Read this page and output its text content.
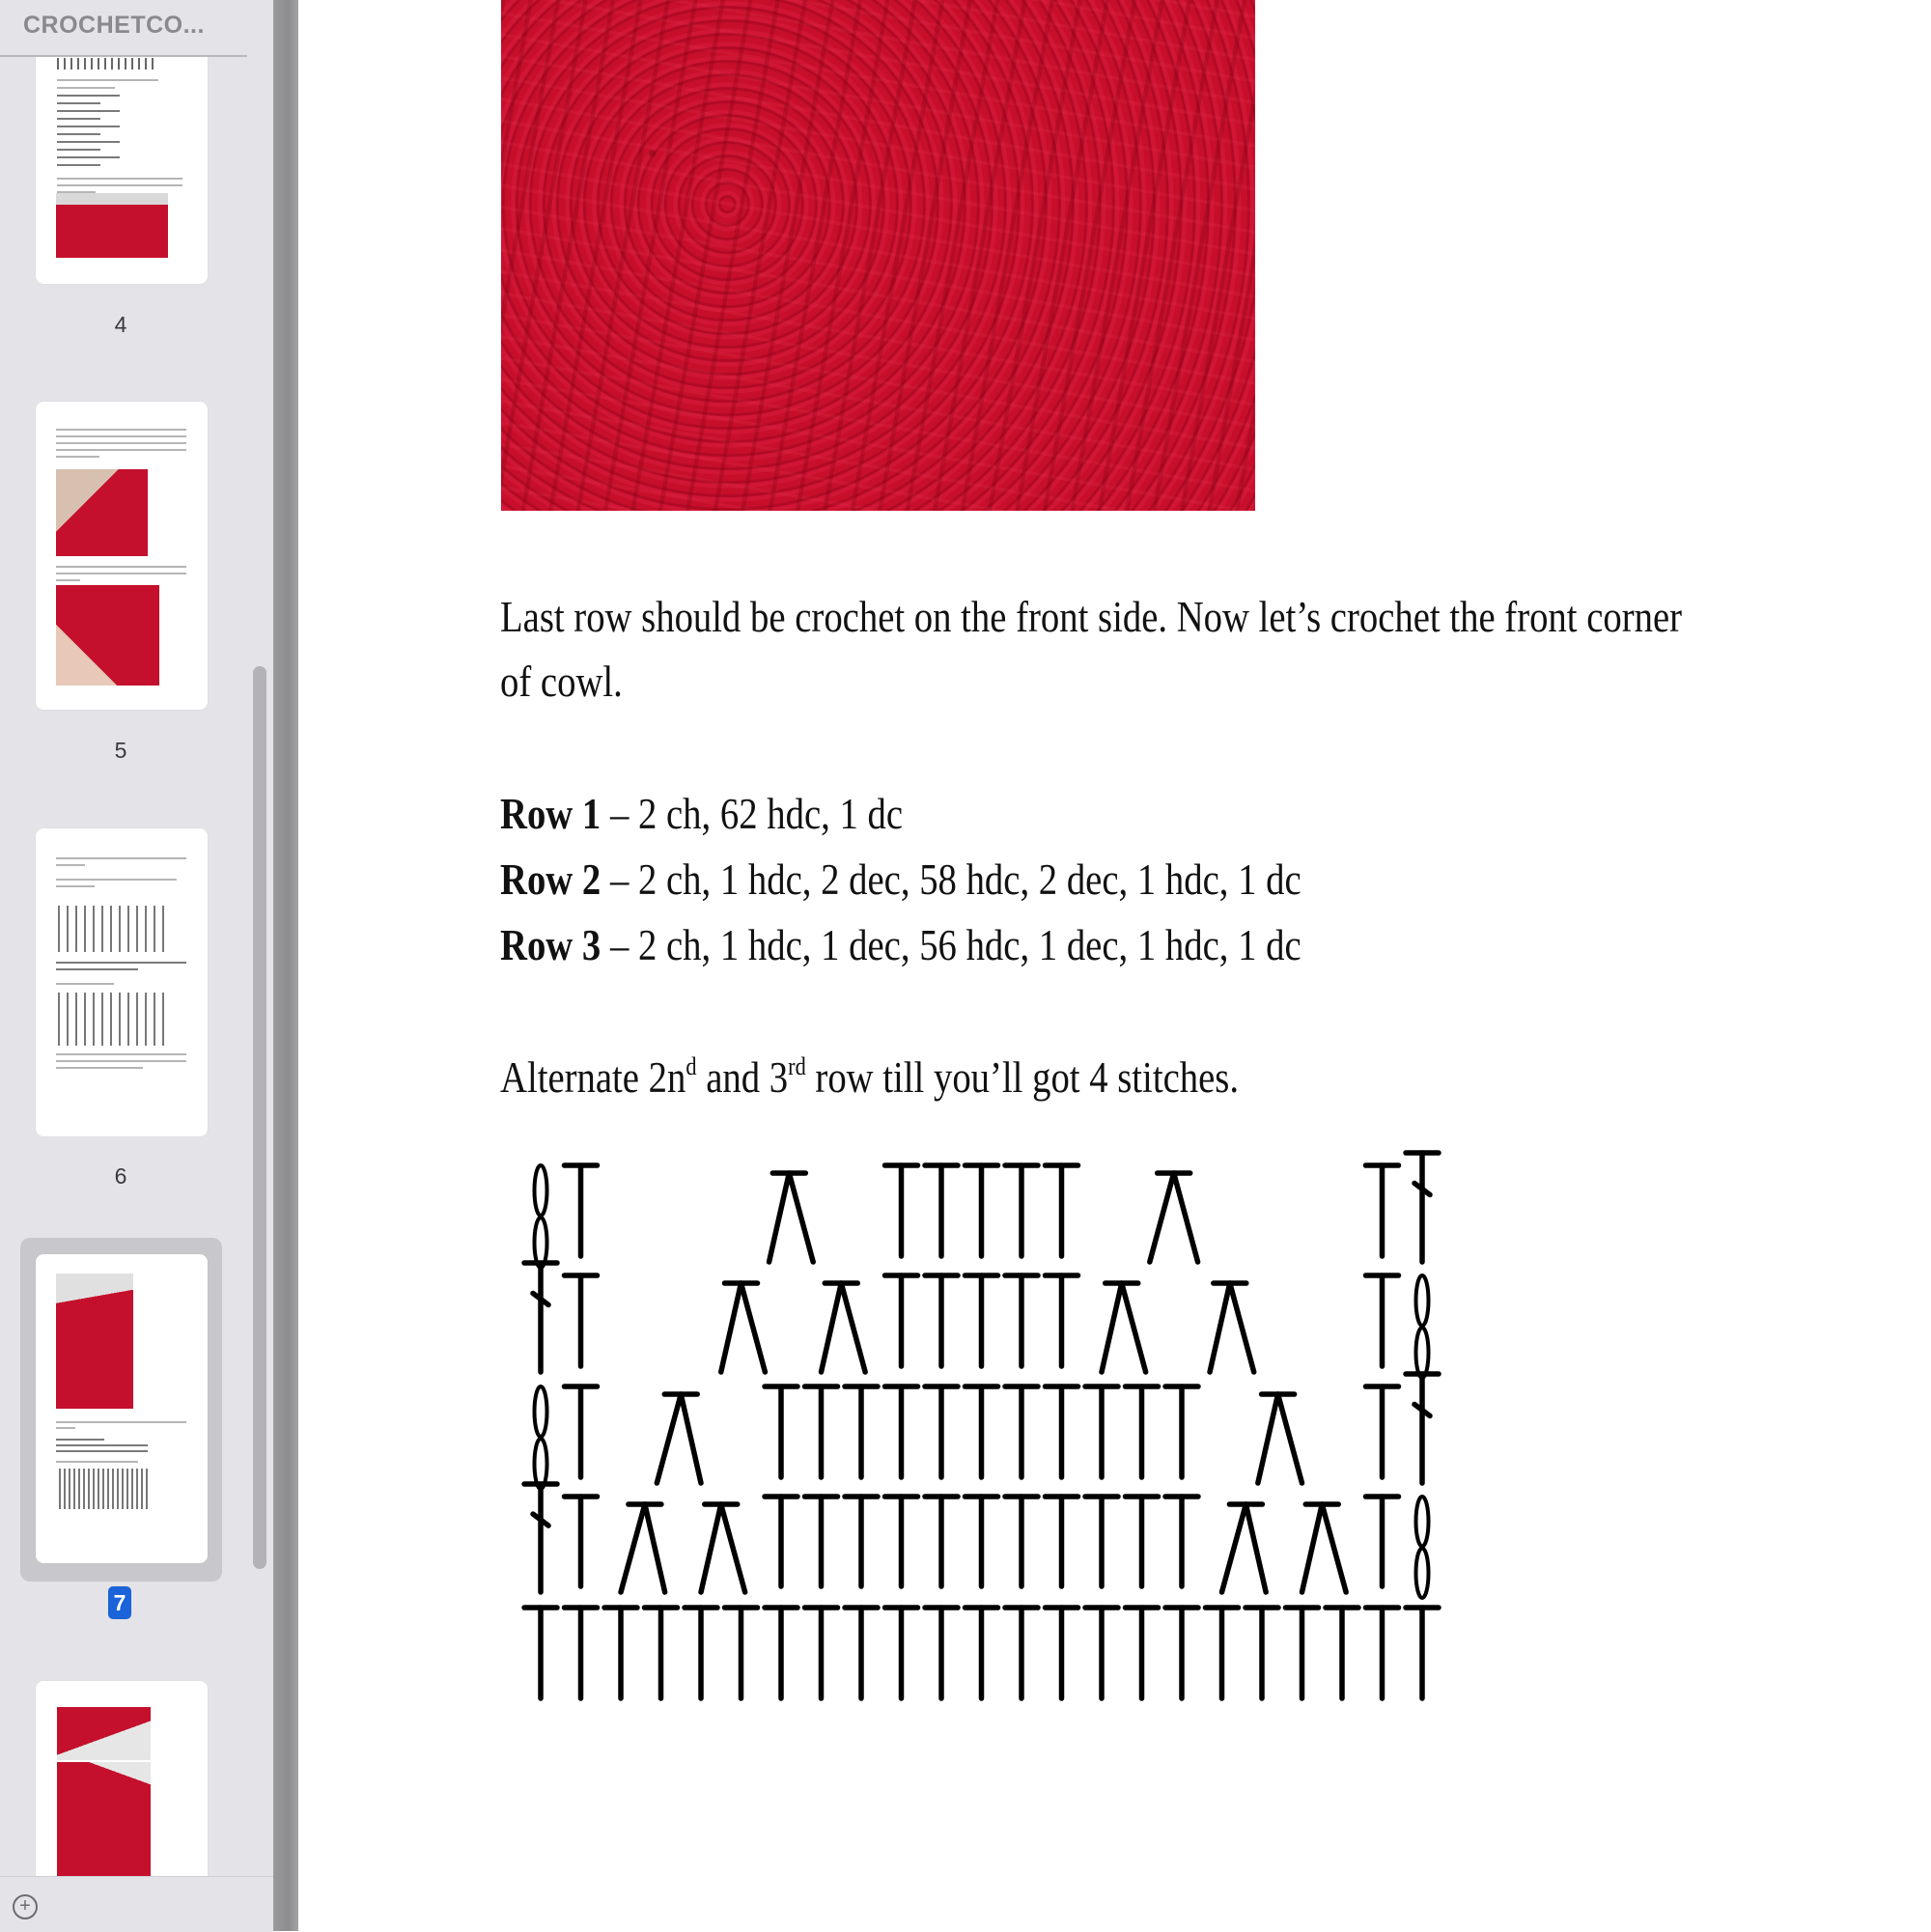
CROCHETCO...
4
5
6
7
+
Last row should be crochet on the front side. Now let’s crochet the front corner
of cowl.
Row 1 – 2 ch, 62 hdc, 1 dc
Row 2 – 2 ch, 1 hdc, 2 dec, 58 hdc, 2 dec, 1 hdc, 1 dc
Row 3 – 2 ch, 1 hdc, 1 dec, 56 hdc, 1 dec, 1 hdc, 1 dc
Alternate $2n^d$ and 3rd row till you’ll got 4 stitches.
